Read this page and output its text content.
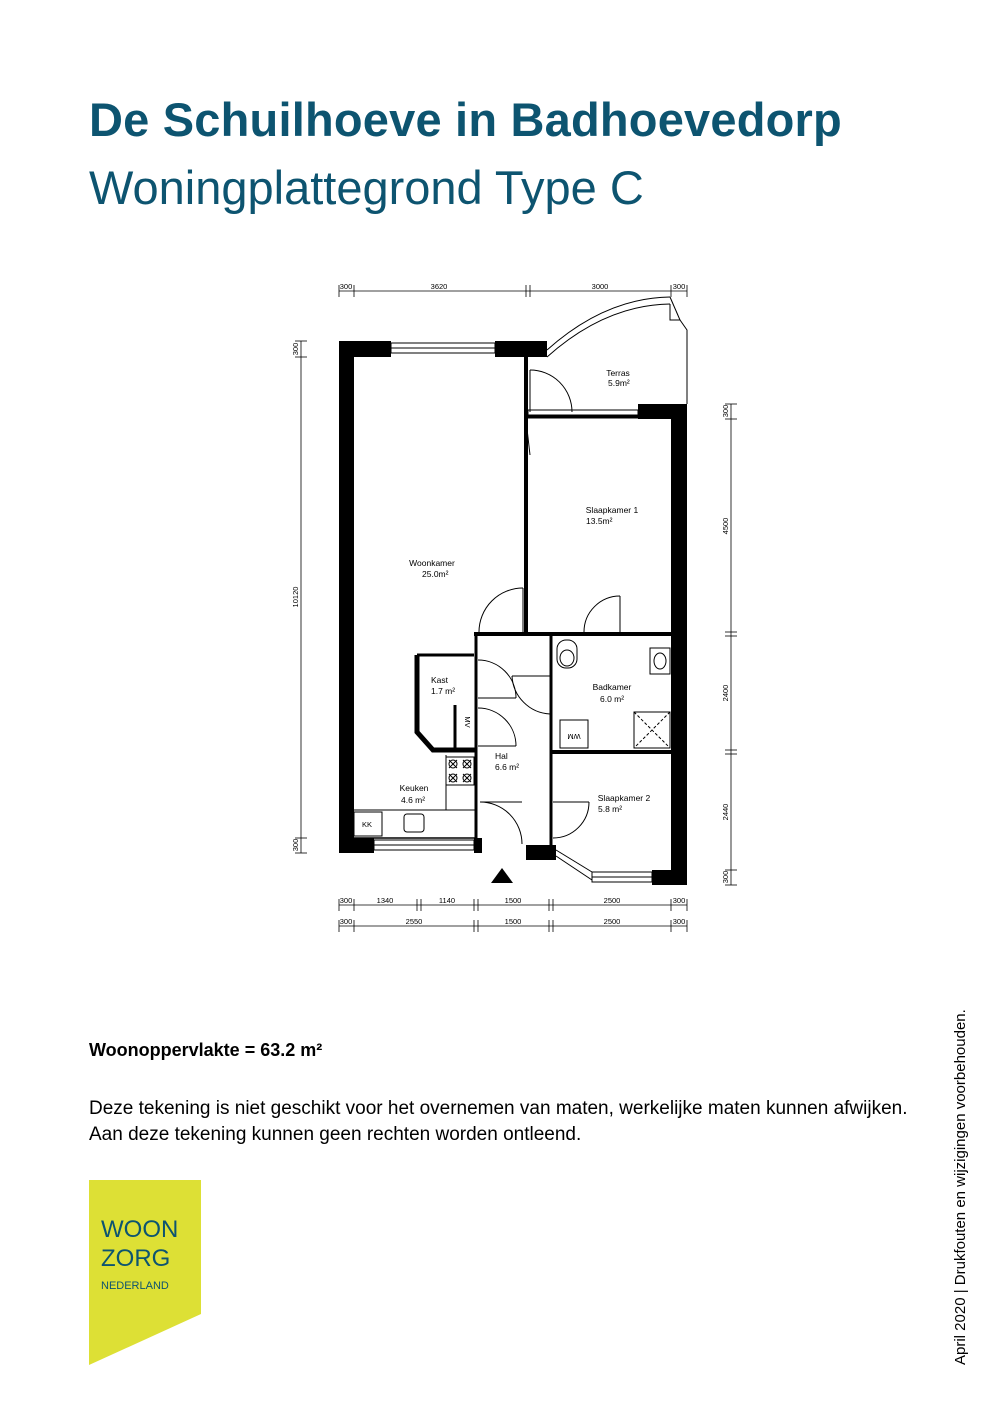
De Schuilhoeve in Badhoevedorp
Woningplattegrond Type C
Woonkamer
25.0m²
Terras
5.9m²
Slaapkamer 1
13.5m²
Kast
1.7 m²	Badkamer
6.0 m²
Hal
6.6 m²
Keuken
4.6 m²	Slaapkamer 2
5.8 m²
KK
WM
MV
300	3620	3000	300
300	1340	1140	1500	2500	300
300	2550	1500	2500	300
300
10120
300
300
4500
2400
2440
300
Woonoppervlakte = 63.2 m²
Deze tekening is niet geschikt voor het overnemen van maten, werkelijke maten kunnen afwijken. Aan deze tekening kunnen geen rechten worden ontleend.	April 2020 | Drukfouten en wijzigingen voorbehouden.
WOON
ZORG
NEDERLAND
